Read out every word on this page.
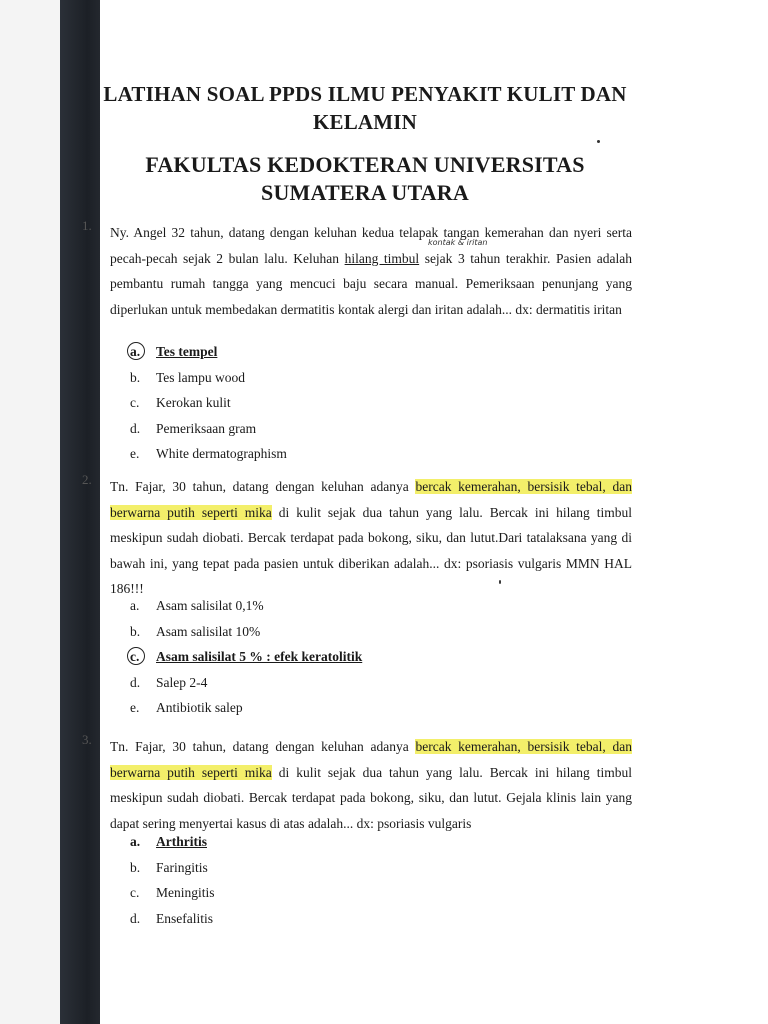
LATIHAN SOAL PPDS ILMU PENYAKIT KULIT DAN
KELAMIN
FAKULTAS KEDOKTERAN UNIVERSITAS
SUMATERA UTARA
1.	Ny. Angel 32 tahun, datang dengan keluhan kedua telapak tangan kemerahan dan nyeri serta pecah-pecah sejak 2 bulan lalu. Keluhan hilang timbul sejak 3 tahun terakhir. Pasien adalah pembantu rumah tangga yang mencuci baju secara manual. Pemeriksaan penunjang yang diperlukan untuk membedakan dermatitis kontak alergi dan iritan adalah... dx: dermatitis iritan
kontak & iritan
a.	Tes tempel
b.	Tes lampu wood
c.	Kerokan kulit
d.	Pemeriksaan gram
e.	White dermatographism
2.	Tn. Fajar, 30 tahun, datang dengan keluhan adanya bercak kemerahan, bersisik tebal, dan berwarna putih seperti mika di kulit sejak dua tahun yang lalu. Bercak ini hilang timbul meskipun sudah diobati. Bercak terdapat pada bokong, siku, dan lutut.Dari tatalaksana yang di bawah ini, yang tepat pada pasien untuk diberikan adalah... dx: psoriasis vulgaris MMN HAL 186!!!
a.	Asam salisilat 0,1%
b.	Asam salisilat 10%
c.	Asam salisilat 5 % : efek keratolitik
d.	Salep 2-4
e.	Antibiotik salep
3.	Tn. Fajar, 30 tahun, datang dengan keluhan adanya bercak kemerahan, bersisik tebal, dan berwarna putih seperti mika di kulit sejak dua tahun yang lalu. Bercak ini hilang timbul meskipun sudah diobati. Bercak terdapat pada bokong, siku, dan lutut. Gejala klinis lain yang dapat sering menyertai kasus di atas adalah... dx: psoriasis vulgaris
a.	Arthritis
b.	Faringitis
c.	Meningitis
d.	Ensefalitis
